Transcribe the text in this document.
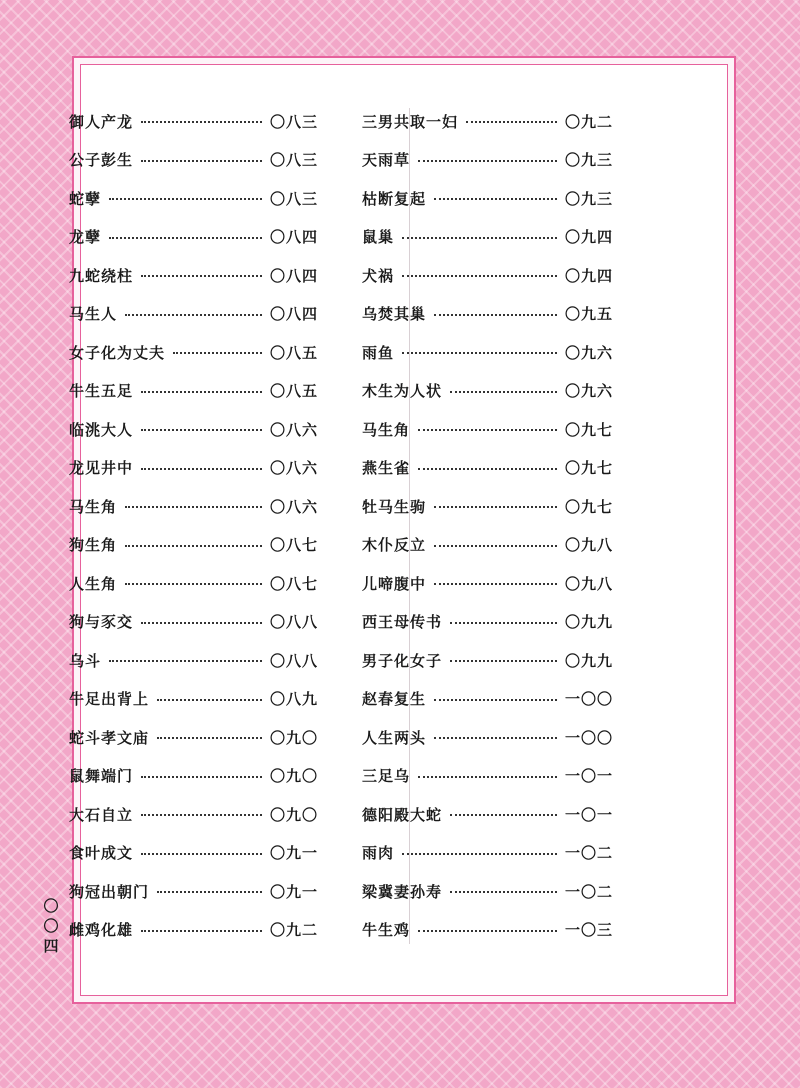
御人产龙	〇八三
公子彭生	〇八三
蛇孽	〇八三
龙孽	〇八四
九蛇绕柱	〇八四
马生人	〇八四
女子化为丈夫	〇八五
牛生五足	〇八五
临洮大人	〇八六
龙见井中	〇八六
马生角	〇八六
狗生角	〇八七
人生角	〇八七
狗与豕交	〇八八
乌斗	〇八八
牛足出背上	〇八九
蛇斗孝文庙	〇九〇
鼠舞端门	〇九〇
大石自立	〇九〇
食叶成文	〇九一
狗冠出朝门	〇九一
雌鸡化雄	〇九二
三男共取一妇	〇九二
天雨草	〇九三
枯断复起	〇九三
鼠巢	〇九四
犬祸	〇九四
乌焚其巢	〇九五
雨鱼	〇九六
木生为人状	〇九六
马生角	〇九七
燕生雀	〇九七
牡马生驹	〇九七
木仆反立	〇九八
儿啼腹中	〇九八
西王母传书	〇九九
男子化女子	〇九九
赵春复生	一〇〇
人生两头	一〇〇
三足乌	一〇一
德阳殿大蛇	一〇一
雨肉	一〇二
梁冀妻孙寿	一〇二
牛生鸡	一〇三
〇
〇
四
